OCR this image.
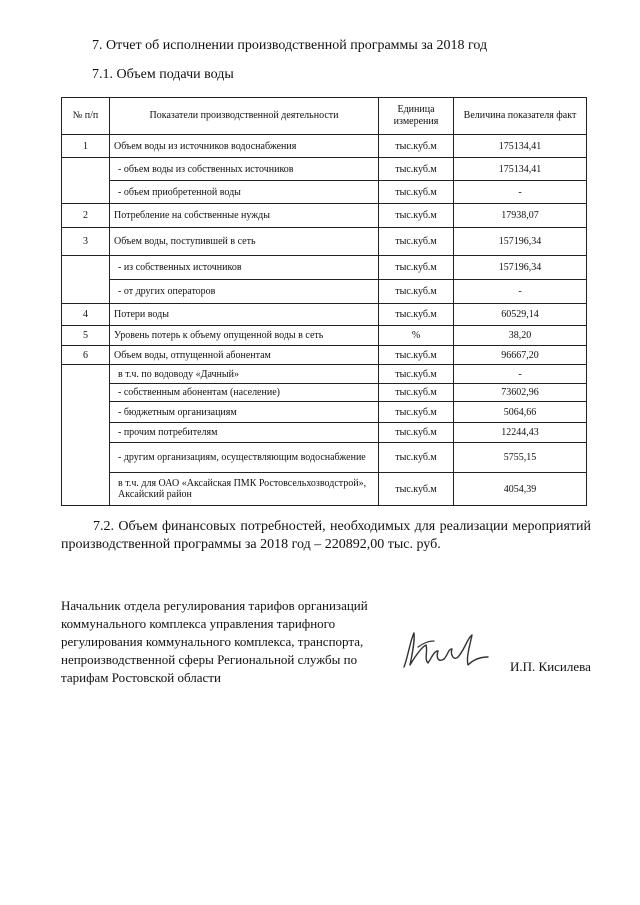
7. Отчет об исполнении производственной программы за 2018 год
7.1. Объем подачи воды
№ п/п	Показатели производственной деятельности	Единица измерения	Величина показателя факт
1	Объем воды из источников водоснабжения	тыс.куб.м	175134,41
	- объем воды из собственных источников	тыс.куб.м	175134,41
	- объем приобретенной воды	тыс.куб.м	-
2	Потребление на собственные нужды	тыс.куб.м	17938,07
3	Объем воды, поступившей в сеть	тыс.куб.м	157196,34
	- из собственных источников	тыс.куб.м	157196,34
	- от других операторов	тыс.куб.м	-
4	Потери воды	тыс.куб.м	60529,14
5	Уровень потерь к объему опущенной воды в сеть	%	38,20
6	Объем воды, отпущенной абонентам	тыс.куб.м	96667,20
	в т.ч. по водоводу «Дачный»	тыс.куб.м	-
	- собственным абонентам (население)	тыс.куб.м	73602,96
	- бюджетным организациям	тыс.куб.м	5064,66
	- прочим потребителям	тыс.куб.м	12244,43
	- другим организациям, осуществляющим водоснабжение	тыс.куб.м	5755,15
	в т.ч. для ОАО «Аксайская ПМК Ростовсельхозводстрой», Аксайский район	тыс.куб.м	4054,39
7.2. Объем финансовых потребностей, необходимых для реализации мероприятий производственной программы за 2018 год – 220892,00 тыс. руб.
Начальник отдела регулирования тарифов организаций коммунального комплекса управления тарифного регулирования коммунального комплекса, транспорта, непроизводственной сферы Региональной службы по тарифам Ростовской области
И.П. Кисилева
